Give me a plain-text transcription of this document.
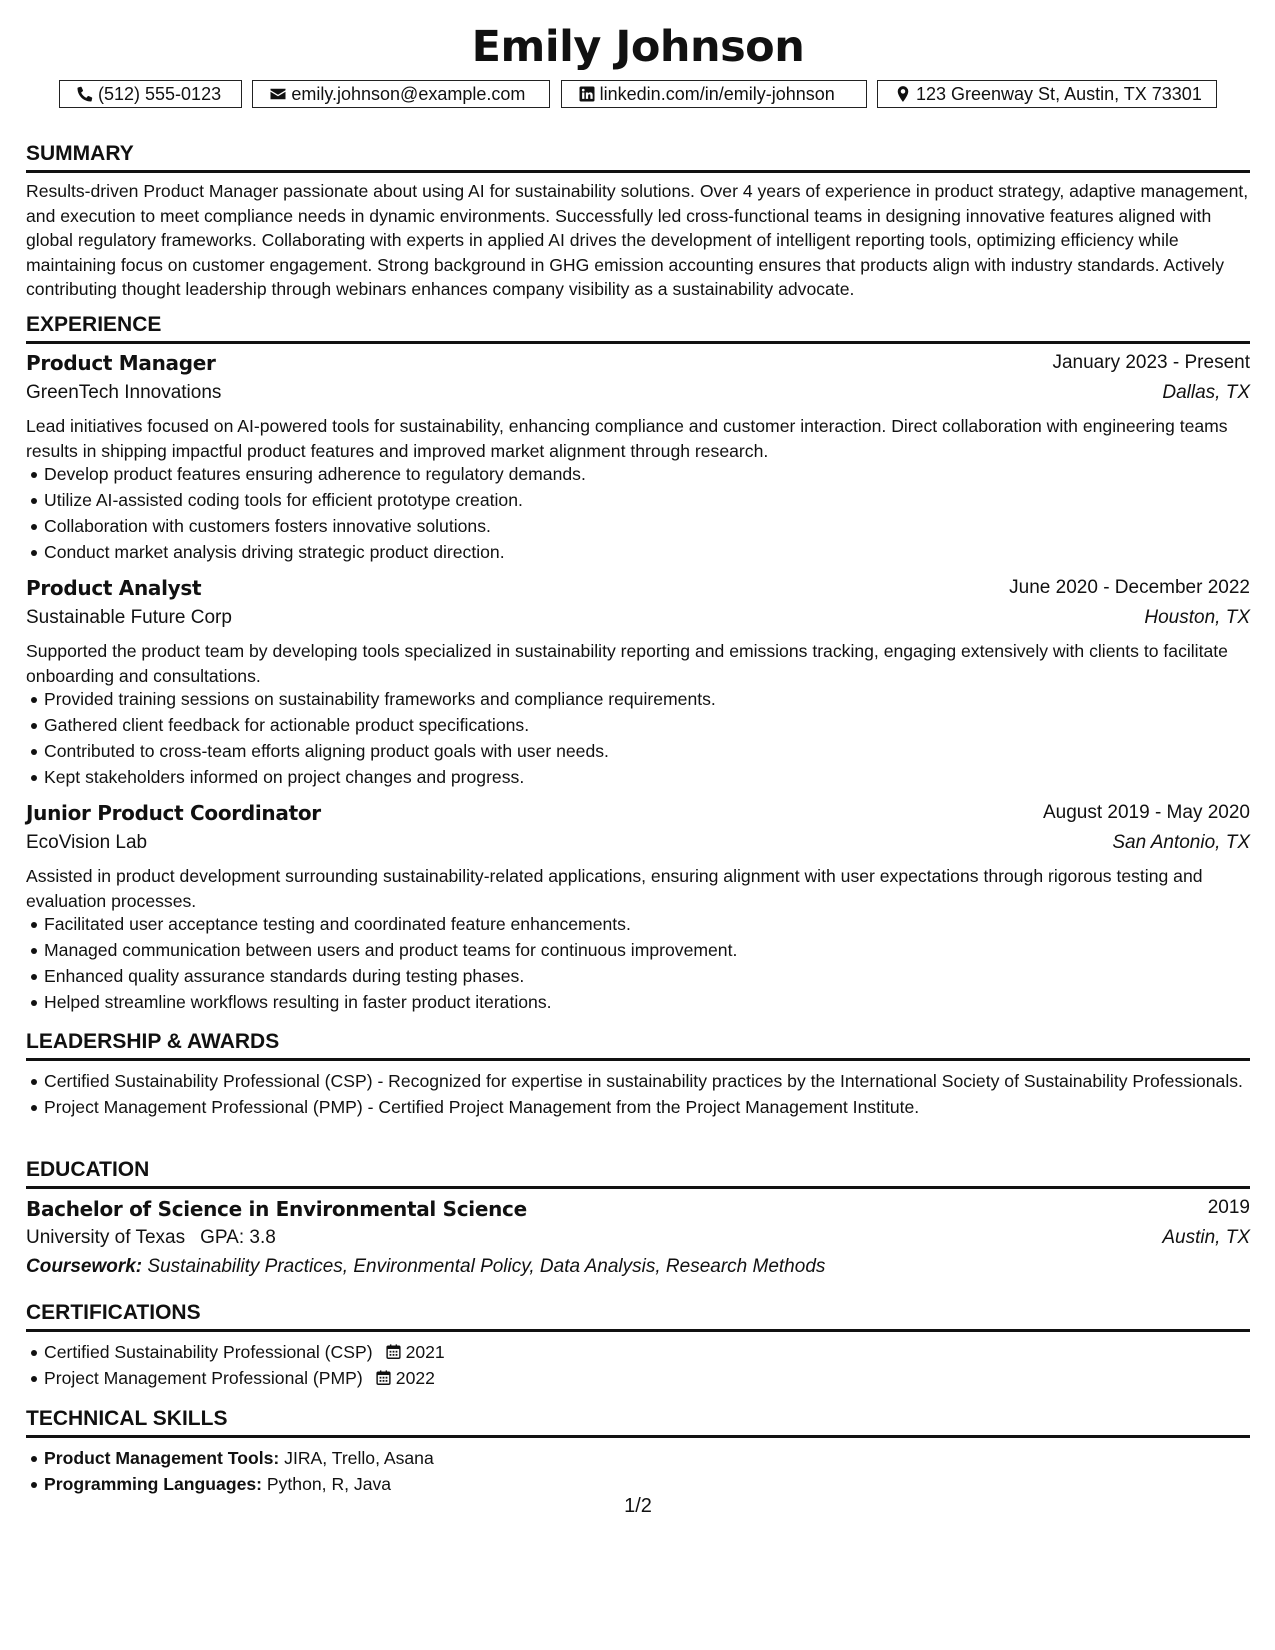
Emily Johnson
(512) 555-0123	emily.johnson@example.com	linkedin.com/in/emily-johnson	123 Greenway St, Austin, TX 73301
SUMMARY
Results-driven Product Manager passionate about using AI for sustainability solutions. Over 4 years of experience in product strategy, adaptive management, and execution to meet compliance needs in dynamic environments. Successfully led cross-functional teams in designing innovative features aligned with global regulatory frameworks. Collaborating with experts in applied AI drives the development of intelligent reporting tools, optimizing efficiency while maintaining focus on customer engagement. Strong background in GHG emission accounting ensures that products align with industry standards. Actively contributing thought leadership through webinars enhances company visibility as a sustainability advocate.
EXPERIENCE
Product Manager	January 2023 - Present
GreenTech Innovations	Dallas, TX
Lead initiatives focused on AI-powered tools for sustainability, enhancing compliance and customer interaction. Direct collaboration with engineering teams results in shipping impactful product features and improved market alignment through research.
Develop product features ensuring adherence to regulatory demands.
Utilize AI-assisted coding tools for efficient prototype creation.
Collaboration with customers fosters innovative solutions.
Conduct market analysis driving strategic product direction.
Product Analyst	June 2020 - December 2022
Sustainable Future Corp	Houston, TX
Supported the product team by developing tools specialized in sustainability reporting and emissions tracking, engaging extensively with clients to facilitate onboarding and consultations.
Provided training sessions on sustainability frameworks and compliance requirements.
Gathered client feedback for actionable product specifications.
Contributed to cross-team efforts aligning product goals with user needs.
Kept stakeholders informed on project changes and progress.
Junior Product Coordinator	August 2019 - May 2020
EcoVision Lab	San Antonio, TX
Assisted in product development surrounding sustainability-related applications, ensuring alignment with user expectations through rigorous testing and evaluation processes.
Facilitated user acceptance testing and coordinated feature enhancements.
Managed communication between users and product teams for continuous improvement.
Enhanced quality assurance standards during testing phases.
Helped streamline workflows resulting in faster product iterations.
LEADERSHIP & AWARDS
Certified Sustainability Professional (CSP) - Recognized for expertise in sustainability practices by the International Society of Sustainability Professionals.
Project Management Professional (PMP) - Certified Project Management from the Project Management Institute.
EDUCATION
Bachelor of Science in Environmental Science	2019
University of Texas GPA: 3.8	Austin, TX
Coursework: Sustainability Practices, Environmental Policy, Data Analysis, Research Methods
CERTIFICATIONS
Certified Sustainability Professional (CSP) 2021
Project Management Professional (PMP) 2022
TECHNICAL SKILLS
Product Management Tools: JIRA, Trello, Asana
Programming Languages: Python, R, Java
1/2
